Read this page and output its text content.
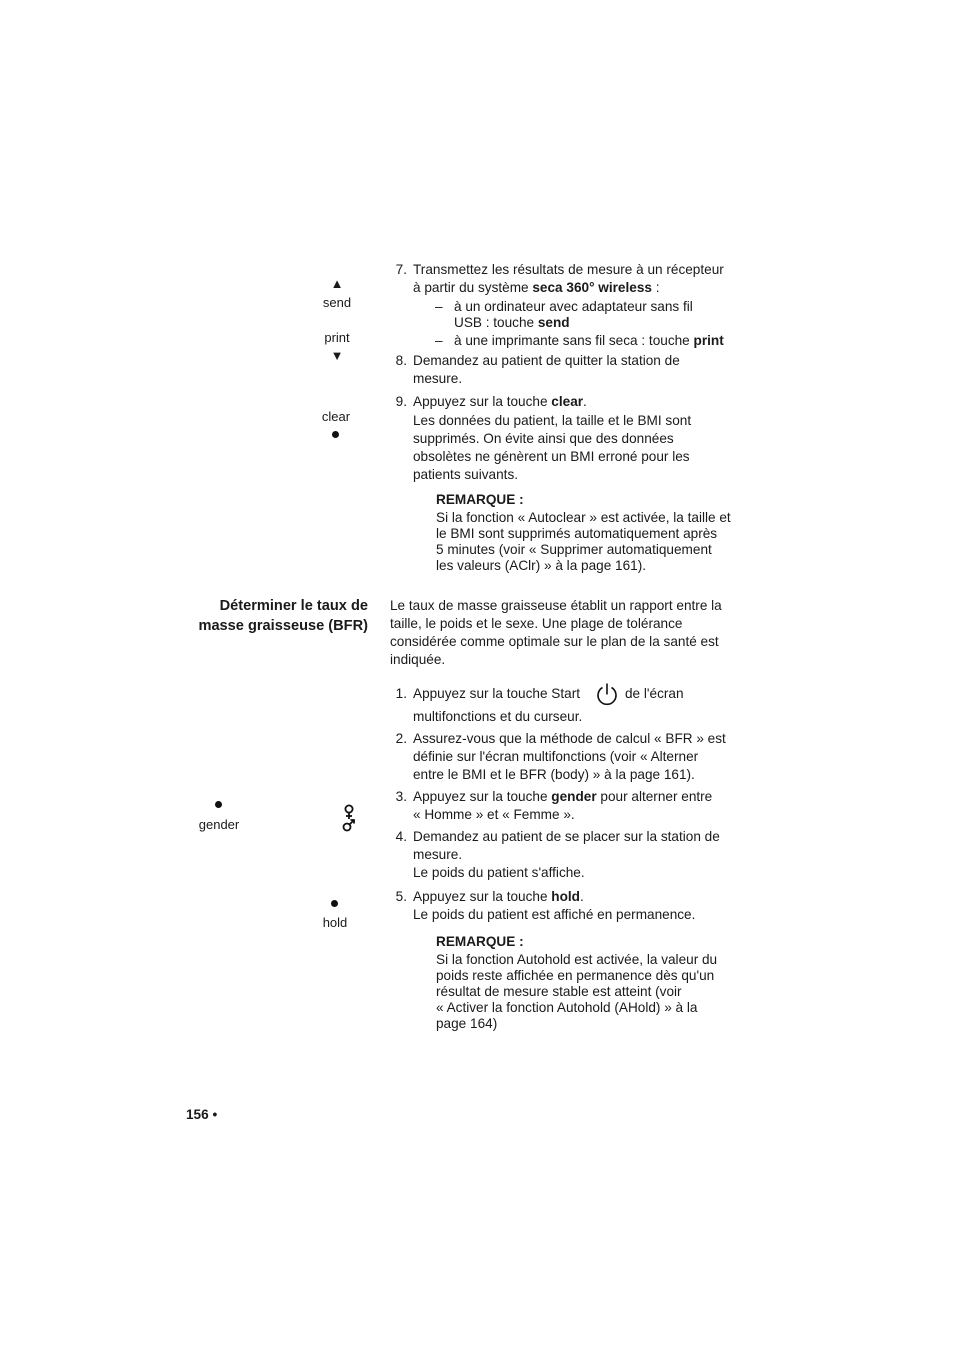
▲
send
print
▼
clear
Déterminer le taux de
masse graisseuse (BFR)
gender
hold
7. Transmettez les résultats de mesure à un récepteur
à partir du système seca 360° wireless :
– à un ordinateur avec adaptateur sans fil
USB : touche send
– à une imprimante sans fil seca : touche print
8. Demandez au patient de quitter la station de
mesure.
9. Appuyez sur la touche clear.
Les données du patient, la taille et le BMI sont
supprimés. On évite ainsi que des données
obsolètes ne génèrent un BMI erroné pour les
patients suivants.
REMARQUE :
Si la fonction « Autoclear » est activée, la taille et
le BMI sont supprimés automatiquement après
5 minutes (voir « Supprimer automatiquement
les valeurs (AClr) » à la page 161).
Le taux de masse graisseuse établit un rapport entre la
taille, le poids et le sexe. Une plage de tolérance
considérée comme optimale sur le plan de la santé est
indiquée.
1. Appuyez sur la touche Start	de l'écran
multifonctions et du curseur.
2. Assurez-vous que la méthode de calcul « BFR » est
définie sur l'écran multifonctions (voir « Alterner
entre le BMI et le BFR (body) » à la page 161).
3. Appuyez sur la touche gender pour alterner entre
« Homme » et « Femme ».
4. Demandez au patient de se placer sur la station de
mesure.
Le poids du patient s'affiche.
5. Appuyez sur la touche hold.
Le poids du patient est affiché en permanence.
REMARQUE :
Si la fonction Autohold est activée, la valeur du
poids reste affichée en permanence dès qu'un
résultat de mesure stable est atteint (voir
« Activer la fonction Autohold (AHold) » à la
page 164)
156 •
